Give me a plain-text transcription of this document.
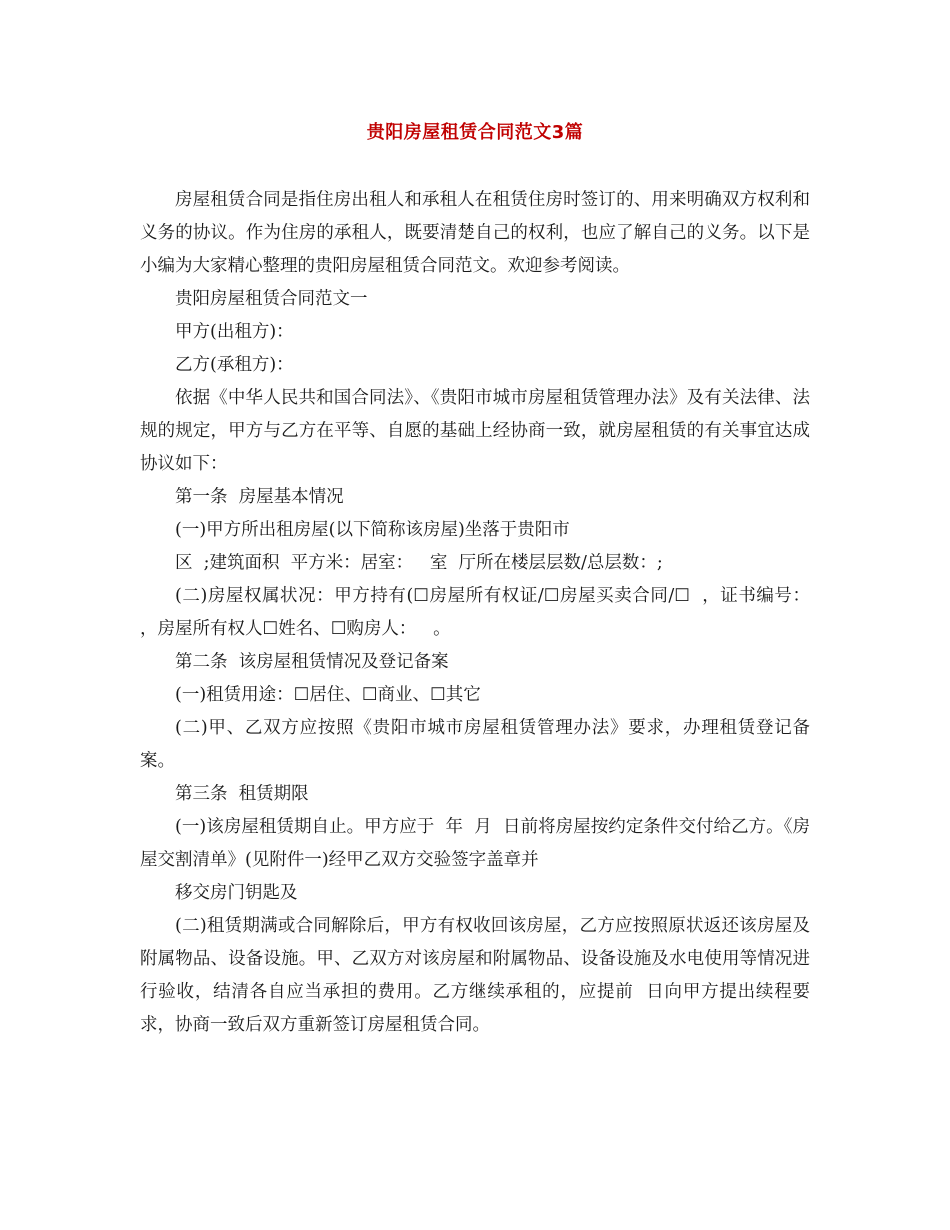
贵阳房屋租赁合同范文3篇

房屋租赁合同是指住房出租人和承租人在租赁住房时签订的、用来明确双方权利和义务的协议。作为住房的承租人，既要清楚自己的权利，也应了解自己的义务。以下是小编为大家精心整理的贵阳房屋租赁合同范文。欢迎参考阅读。

贵阳房屋租赁合同范文一

甲方(出租方)：

乙方(承租方)：

依据《中华人民共和国合同法》、《贵阳市城市房屋租赁管理办法》及有关法律、法规的规定，甲方与乙方在平等、自愿的基础上经协商一致，就房屋租赁的有关事宜达成协议如下：

第一条  房屋基本情况

(一)甲方所出租房屋(以下简称该房屋)坐落于贵阳市

区  ;建筑面积  平方米：居室：   室  厅所在楼层层数/总层数：;

(二)房屋权属状况：甲方持有(☐房屋所有权证/☐房屋买卖合同/☐  ，证书编号：  ，房屋所有权人☐姓名、☐购房人：   。

第二条  该房屋租赁情况及登记备案

(一)租赁用途：☐居住、☐商业、☐其它

(二)甲、乙双方应按照《贵阳市城市房屋租赁管理办法》要求，办理租赁登记备案。

第三条  租赁期限

(一)该房屋租赁期自止。甲方应于  年  月  日前将房屋按约定条件交付给乙方。《房屋交割清单》(见附件一)经甲乙双方交验签字盖章并

移交房门钥匙及

(二)租赁期满或合同解除后，甲方有权收回该房屋，乙方应按照原状返还该房屋及附属物品、设备设施。甲、乙双方对该房屋和附属物品、设备设施及水电使用等情况进行验收，结清各自应当承担的费用。乙方继续承租的，应提前  日向甲方提出续程要求，协商一致后双方重新签订房屋租赁合同。
